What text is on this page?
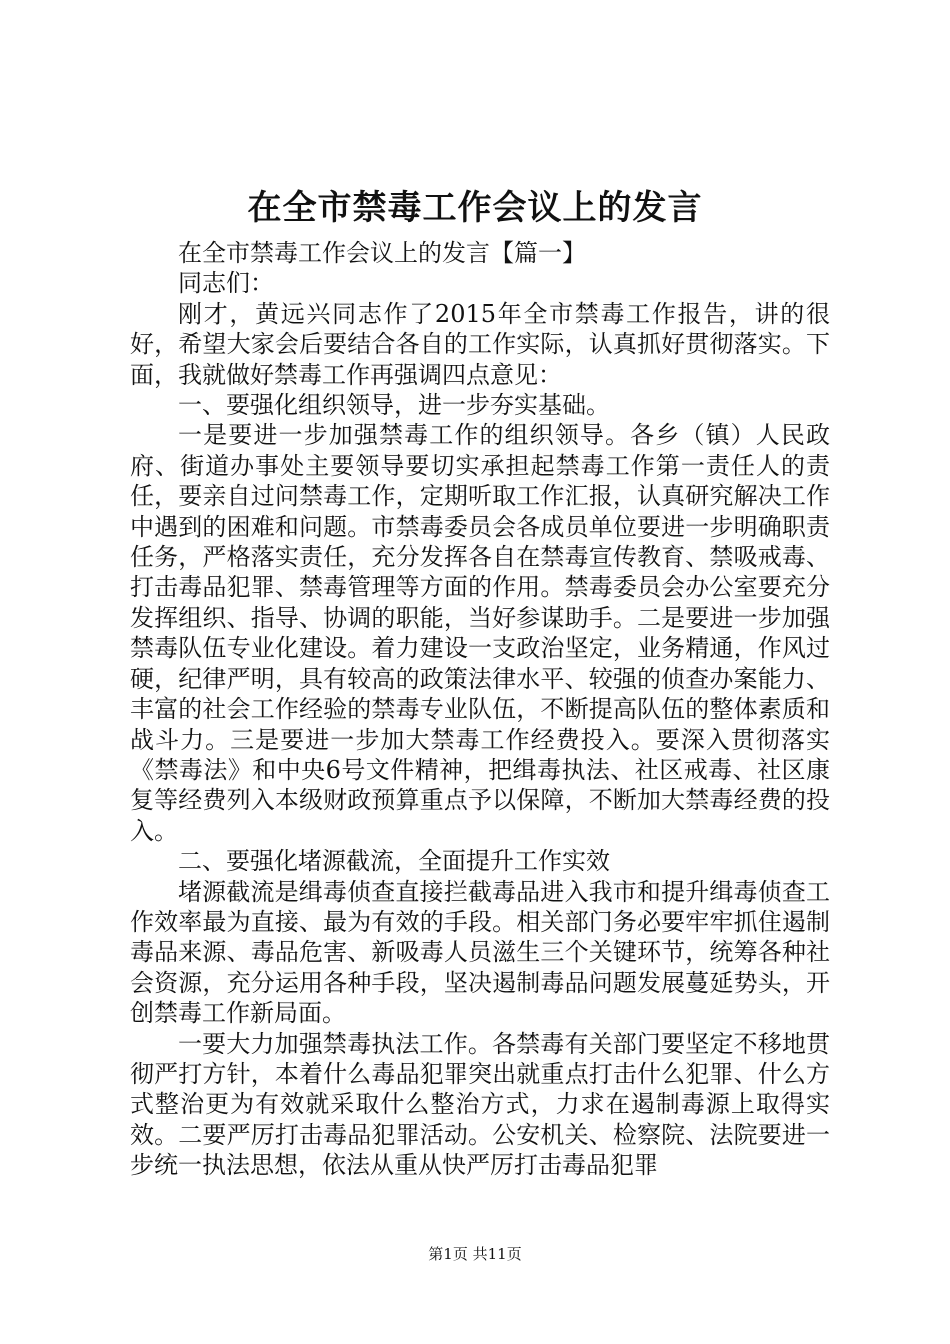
在全市禁毒工作会议上的发言

在全市禁毒工作会议上的发言【篇一】

同志们：

刚才，黄远兴同志作了2015年全市禁毒工作报告，讲的很好，希望大家会后要结合各自的工作实际，认真抓好贯彻落实。下面，我就做好禁毒工作再强调四点意见：

一、要强化组织领导，进一步夯实基础。

一是要进一步加强禁毒工作的组织领导。各乡（镇）人民政府、街道办事处主要领导要切实承担起禁毒工作第一责任人的责任，要亲自过问禁毒工作，定期听取工作汇报，认真研究解决工作中遇到的困难和问题。市禁毒委员会各成员单位要进一步明确职责任务，严格落实责任，充分发挥各自在禁毒宣传教育、禁吸戒毒、打击毒品犯罪、禁毒管理等方面的作用。禁毒委员会办公室要充分发挥组织、指导、协调的职能，当好参谋助手。二是要进一步加强禁毒队伍专业化建设。着力建设一支政治坚定，业务精通，作风过硬，纪律严明，具有较高的政策法律水平、较强的侦查办案能力、丰富的社会工作经验的禁毒专业队伍，不断提高队伍的整体素质和战斗力。三是要进一步加大禁毒工作经费投入。要深入贯彻落实《禁毒法》和中央6号文件精神，把缉毒执法、社区戒毒、社区康复等经费列入本级财政预算重点予以保障，不断加大禁毒经费的投入。

二、要强化堵源截流，全面提升工作实效

堵源截流是缉毒侦查直接拦截毒品进入我市和提升缉毒侦查工作效率最为直接、最为有效的手段。相关部门务必要牢牢抓住遏制毒品来源、毒品危害、新吸毒人员滋生三个关键环节，统筹各种社会资源，充分运用各种手段，坚决遏制毒品问题发展蔓延势头，开创禁毒工作新局面。

一要大力加强禁毒执法工作。各禁毒有关部门要坚定不移地贯彻严打方针，本着什么毒品犯罪突出就重点打击什么犯罪、什么方式整治更为有效就采取什么整治方式，力求在遏制毒源上取得实效。二要严厉打击毒品犯罪活动。公安机关、检察院、法院要进一步统一执法思想，依法从重从快严厉打击毒品犯罪

第1页 共11页
